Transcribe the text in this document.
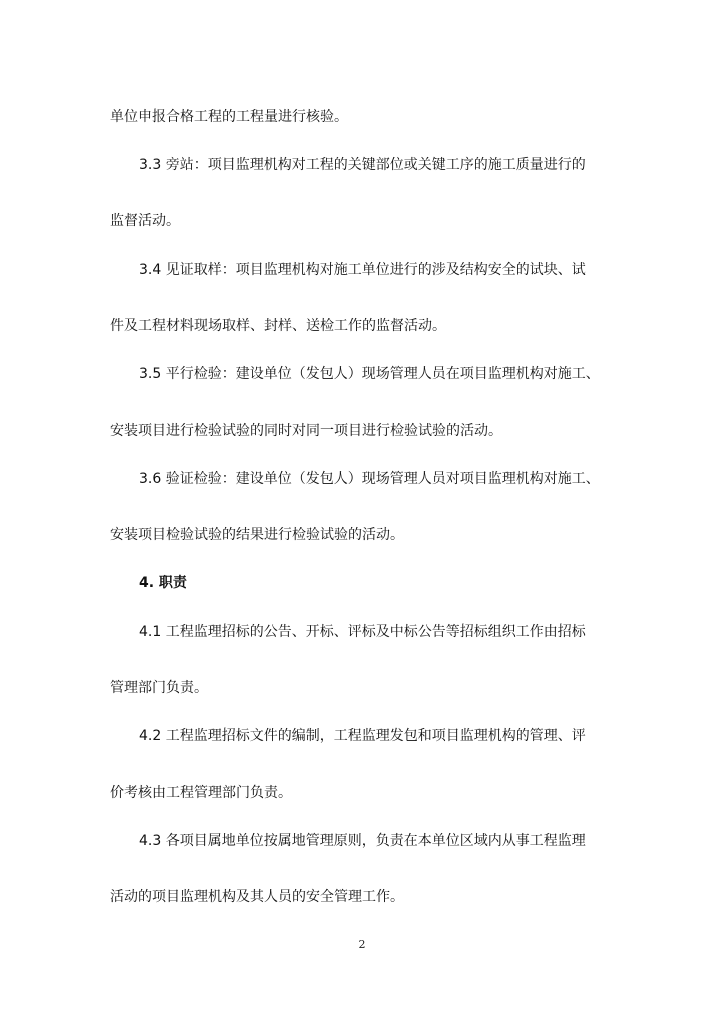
单位申报合格工程的工程量进行核验。
3.3 旁站：项目监理机构对工程的关键部位或关键工序的施工质量进行的
监督活动。
3.4 见证取样：项目监理机构对施工单位进行的涉及结构安全的试块、试
件及工程材料现场取样、封样、送检工作的监督活动。
3.5 平行检验：建设单位（发包人）现场管理人员在项目监理机构对施工、
安装项目进行检验试验的同时对同一项目进行检验试验的活动。
3.6 验证检验：建设单位（发包人）现场管理人员对项目监理机构对施工、
安装项目检验试验的结果进行检验试验的活动。
4. 职责
4.1 工程监理招标的公告、开标、评标及中标公告等招标组织工作由招标
管理部门负责。
4.2 工程监理招标文件的编制，工程监理发包和项目监理机构的管理、评
价考核由工程管理部门负责。
4.3 各项目属地单位按属地管理原则，负责在本单位区域内从事工程监理
活动的项目监理机构及其人员的安全管理工作。
2
